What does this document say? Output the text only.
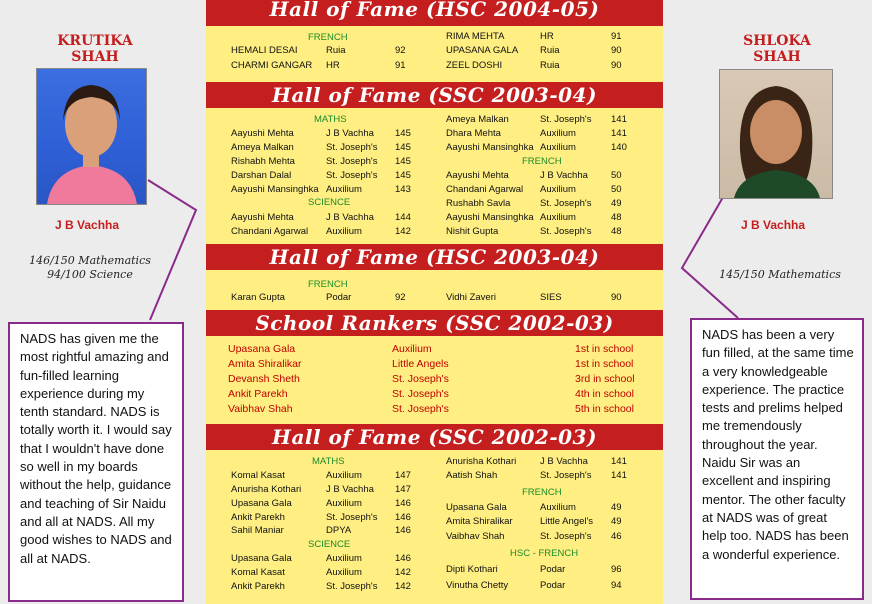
KRUTIKA
SHAH
J B Vachha
146/150 Mathematics
94/100 Science
NADS has given me the most rightful amazing and fun-filled learning experience during my tenth standard. NADS is totally worth it. I would say that I wouldn't have done so well in my boards without the help, guidance and teaching of Sir Naidu and all at NADS. All my good wishes to NADS and all at NADS.
SHLOKA
SHAH
J B Vachha
145/150 Mathematics
NADS has been a very fun filled, at the same time a very knowledgeable experience. The practice tests and prelims helped me tremendously throughout the year. Naidu Sir was an excellent and inspiring mentor. The other faculty at NADS was of great help too. NADS has been a wonderful experience.
Hall of Fame (HSC 2004-05)
FRENCH
HEMALI DESAI	Ruia	92
CHARMI GANGAR HR	91
RIMA MEHTA	HR	91
UPASANA GALA Ruia	90
ZEEL DOSHI	Ruia	90
Hall of Fame (SSC 2003-04)
MATHS
Aayushi Mehta	J B Vachha 145
Ameya Malkan	St. Joseph's 145
Rishabh Mehta	St. Joseph's 145
Darshan Dalal	St. Joseph's 145
Aayushi Mansinghka Auxilium	143
SCIENCE
Aayushi Mehta	J B Vachha 144
Chandani Agarwal Auxilium	142
Ameya Malkan	St. Joseph's 141
Dhara Mehta	Auxilium	141
Aayushi Mansinghka Auxilium	140
FRENCH
Aayushi Mehta	J B Vachha 50
Chandani Agarwal Auxilium	50
Rushabh Savla	St. Joseph's 49
Aayushi Mansinghka Auxilium	48
Nishit Gupta	St. Joseph's 48
Hall of Fame (HSC 2003-04)
FRENCH
Karan Gupta	Podar	92	Vidhi Zaveri	SIES	90
School Rankers (SSC 2002-03)
Upasana Gala	Auxilium	1st in school
Amita Shiralikar	Little Angels	1st in school
Devansh Sheth	St. Joseph's	3rd in school
Ankit Parekh	St. Joseph's	4th in school
Vaibhav Shah	St. Joseph's	5th in school
Hall of Fame (SSC 2002-03)
MATHS
Komal Kasat	Auxilium	147
Anurisha Kothari	J B Vachha 147
Upasana Gala	Auxilium	146
Ankit Parekh	St. Joseph's 146
Sahil Maniar	DPYA	146
SCIENCE
Upasana Gala	Auxilium	146
Komal Kasat	Auxilium	142
Ankit Parekh	St. Joseph's 142
Anurisha Kothari	J B Vachha 141
Aatish Shah	St. Joseph's 141
FRENCH
Upasana Gala	Auxilium	49
Amita Shiralikar	Little Angel's 49
Vaibhav Shah	St. Joseph's 46
HSC - FRENCH
Dipti Kothari	Podar	96
Vinutha Chetty	Podar	94
